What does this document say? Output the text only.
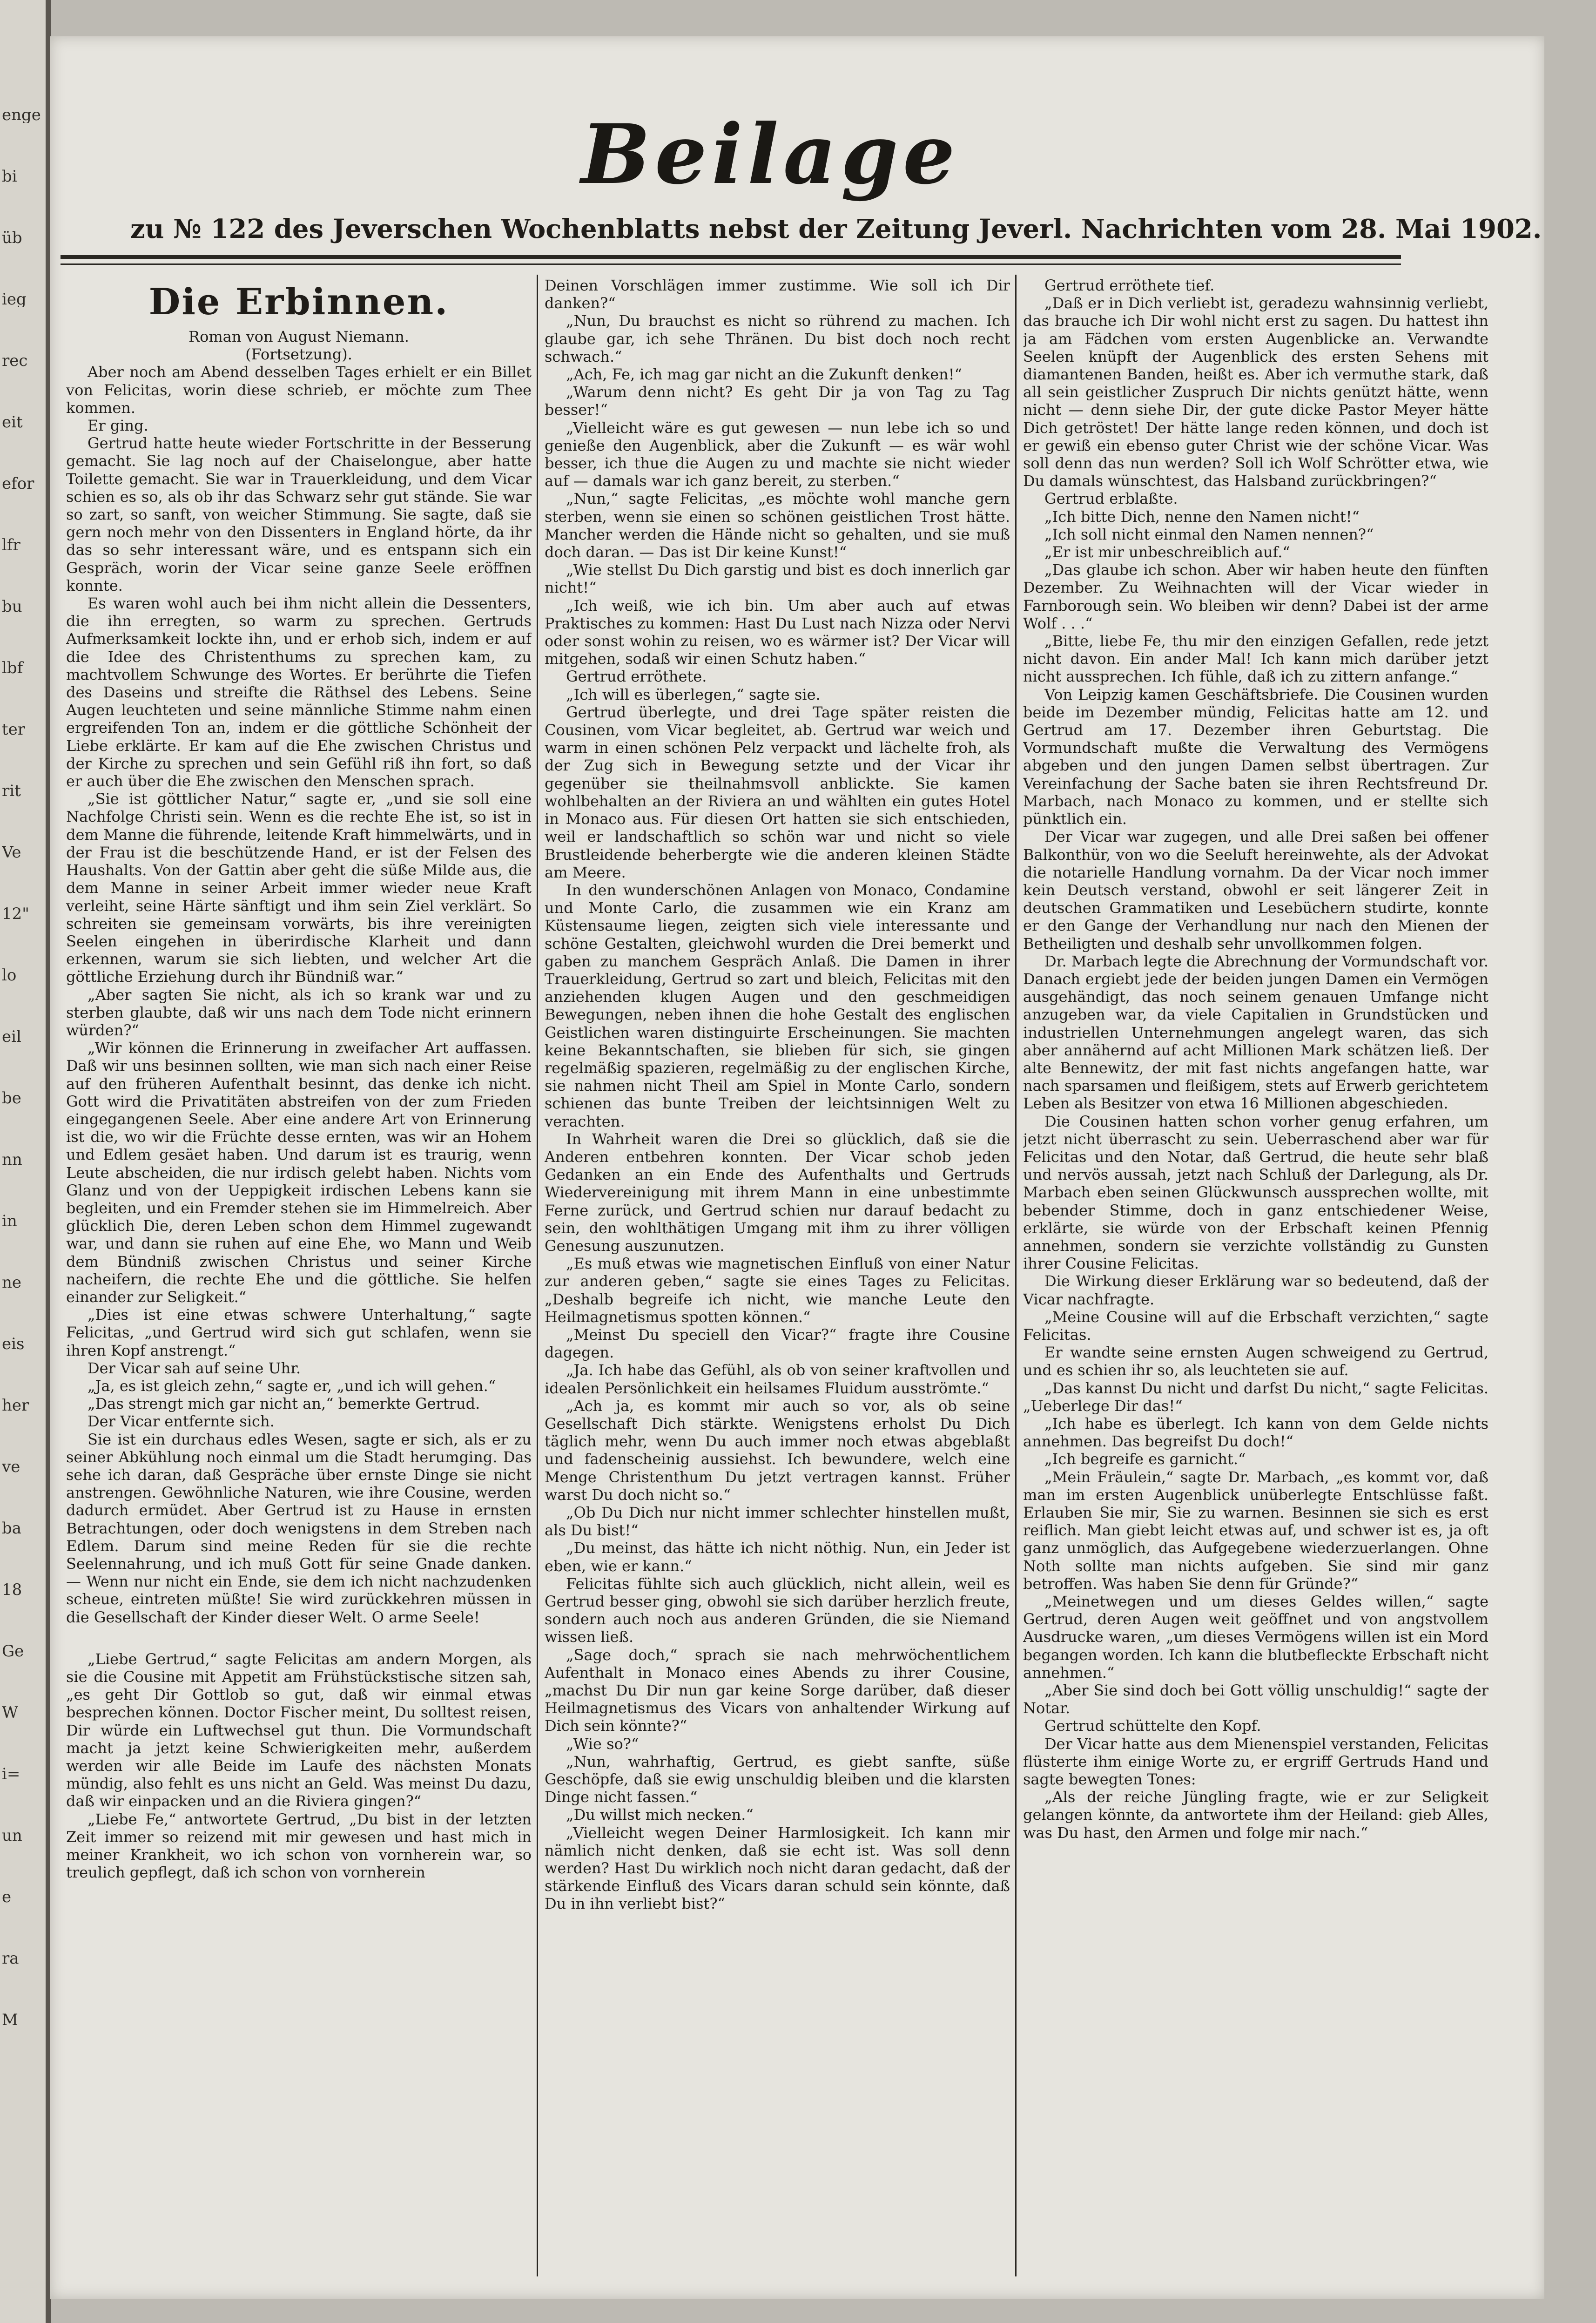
enge
bi
üb
ieg
rec
eit
efor
lfr
bu
lbf
ter
rit
Ve
12"
lo
eil
be
nn
in
ne
eis
her
ve
ba
18
Ge
W
i=
un
e
ra
M
Beilage
zu № 122 des Jeverschen Wochenblatts nebst der Zeitung Jeverl. Nachrichten vom 28. Mai 1902.
Die Erbinnen.

Roman von August Niemann.

(Fortsetzung).

Aber noch am Abend desselben Tages erhielt er ein Billet von Felicitas, worin diese schrieb, er möchte zum Thee kommen.

Er ging.

Gertrud hatte heute wieder Fortschritte in der Besserung gemacht. Sie lag noch auf der Chaiselongue, aber hatte Toilette gemacht. Sie war in Trauerkleidung, und dem Vicar schien es so, als ob ihr das Schwarz sehr gut stände. Sie war so zart, so sanft, von weicher Stimmung. Sie sagte, daß sie gern noch mehr von den Dissenters in England hörte, da ihr das so sehr interessant wäre, und es entspann sich ein Gespräch, worin der Vicar seine ganze Seele eröffnen konnte.

Es waren wohl auch bei ihm nicht allein die Dessenters, die ihn erregten, so warm zu sprechen. Gertruds Aufmerksamkeit lockte ihn, und er erhob sich, indem er auf die Idee des Christenthums zu sprechen kam, zu machtvollem Schwunge des Wortes. Er berührte die Tiefen des Daseins und streifte die Räthsel des Lebens. Seine Augen leuchteten und seine männliche Stimme nahm einen ergreifenden Ton an, indem er die göttliche Schönheit der Liebe erklärte. Er kam auf die Ehe zwischen Christus und der Kirche zu sprechen und sein Gefühl riß ihn fort, so daß er auch über die Ehe zwischen den Menschen sprach.

„Sie ist göttlicher Natur,“ sagte er, „und sie soll eine Nachfolge Christi sein. Wenn es die rechte Ehe ist, so ist in dem Manne die führende, leitende Kraft himmelwärts, und in der Frau ist die beschützende Hand, er ist der Felsen des Haushalts. Von der Gattin aber geht die süße Milde aus, die dem Manne in seiner Arbeit immer wieder neue Kraft verleiht, seine Härte sänftigt und ihm sein Ziel verklärt. So schreiten sie gemeinsam vorwärts, bis ihre vereinigten Seelen eingehen in überirdische Klarheit und dann erkennen, warum sie sich liebten, und welcher Art die göttliche Erziehung durch ihr Bündniß war.“

„Aber sagten Sie nicht, als ich so krank war und zu sterben glaubte, daß wir uns nach dem Tode nicht erinnern würden?“

„Wir können die Erinnerung in zweifacher Art auffassen. Daß wir uns besinnen sollten, wie man sich nach einer Reise auf den früheren Aufenthalt besinnt, das denke ich nicht. Gott wird die Privatitäten abstreifen von der zum Frieden eingegangenen Seele. Aber eine andere Art von Erinnerung ist die, wo wir die Früchte desse ernten, was wir an Hohem und Edlem gesäet haben. Und darum ist es traurig, wenn Leute abscheiden, die nur irdisch gelebt haben. Nichts vom Glanz und von der Ueppigkeit irdischen Lebens kann sie begleiten, und ein Fremder stehen sie im Himmelreich. Aber glücklich Die, deren Leben schon dem Himmel zugewandt war, und dann sie ruhen auf eine Ehe, wo Mann und Weib dem Bündniß zwischen Christus und seiner Kirche nacheifern, die rechte Ehe und die göttliche. Sie helfen einander zur Seligkeit.“

„Dies ist eine etwas schwere Unterhaltung,“ sagte Felicitas, „und Gertrud wird sich gut schlafen, wenn sie ihren Kopf anstrengt.“

Der Vicar sah auf seine Uhr.

„Ja, es ist gleich zehn,“ sagte er, „und ich will gehen.“

„Das strengt mich gar nicht an,“ bemerkte Gertrud.

Der Vicar entfernte sich.

Sie ist ein durchaus edles Wesen, sagte er sich, als er zu seiner Abkühlung noch einmal um die Stadt herumging. Das sehe ich daran, daß Gespräche über ernste Dinge sie nicht anstrengen. Gewöhnliche Naturen, wie ihre Cousine, werden dadurch ermüdet. Aber Gertrud ist zu Hause in ernsten Betrachtungen, oder doch wenigstens in dem Streben nach Edlem. Darum sind meine Reden für sie die rechte Seelennahrung, und ich muß Gott für seine Gnade danken. — Wenn nur nicht ein Ende, sie dem ich nicht nachzudenken scheue, eintreten müßte! Sie wird zurückkehren müssen in die Gesellschaft der Kinder dieser Welt. O arme Seele!

„Liebe Gertrud,“ sagte Felicitas am andern Morgen, als sie die Cousine mit Appetit am Frühstückstische sitzen sah, „es geht Dir Gottlob so gut, daß wir einmal etwas besprechen können. Doctor Fischer meint, Du solltest reisen, Dir würde ein Luftwechsel gut thun. Die Vormundschaft macht ja jetzt keine Schwierigkeiten mehr, außerdem werden wir alle Beide im Laufe des nächsten Monats mündig, also fehlt es uns nicht an Geld. Was meinst Du dazu, daß wir einpacken und an die Riviera gingen?“

„Liebe Fe,“ antwortete Gertrud, „Du bist in der letzten Zeit immer so reizend mit mir gewesen und hast mich in meiner Krankheit, wo ich schon von vornherein war, so treulich gepflegt, daß ich schon von vornherein

Deinen Vorschlägen immer zustimme. Wie soll ich Dir danken?“

„Nun, Du brauchst es nicht so rührend zu machen. Ich glaube gar, ich sehe Thränen. Du bist doch noch recht schwach.“

„Ach, Fe, ich mag gar nicht an die Zukunft denken!“

„Warum denn nicht? Es geht Dir ja von Tag zu Tag besser!“

„Vielleicht wäre es gut gewesen — nun lebe ich so und genieße den Augenblick, aber die Zukunft — es wär wohl besser, ich thue die Augen zu und machte sie nicht wieder auf — damals war ich ganz bereit, zu sterben.“

„Nun,“ sagte Felicitas, „es möchte wohl manche gern sterben, wenn sie einen so schönen geistlichen Trost hätte. Mancher werden die Hände nicht so gehalten, und sie muß doch daran. — Das ist Dir keine Kunst!“

„Wie stellst Du Dich garstig und bist es doch innerlich gar nicht!“

„Ich weiß, wie ich bin. Um aber auch auf etwas Praktisches zu kommen: Hast Du Lust nach Nizza oder Nervi oder sonst wohin zu reisen, wo es wärmer ist? Der Vicar will mitgehen, sodaß wir einen Schutz haben.“

Gertrud erröthete.

„Ich will es überlegen,“ sagte sie.

Gertrud überlegte, und drei Tage später reisten die Cousinen, vom Vicar begleitet, ab. Gertrud war weich und warm in einen schönen Pelz verpackt und lächelte froh, als der Zug sich in Bewegung setzte und der Vicar ihr gegenüber sie theilnahmsvoll anblickte. Sie kamen wohlbehalten an der Riviera an und wählten ein gutes Hotel in Monaco aus. Für diesen Ort hatten sie sich entschieden, weil er landschaftlich so schön war und nicht so viele Brustleidende beherbergte wie die anderen kleinen Städte am Meere.

In den wunderschönen Anlagen von Monaco, Condamine und Monte Carlo, die zusammen wie ein Kranz am Küstensaume liegen, zeigten sich viele interessante und schöne Gestalten, gleichwohl wurden die Drei bemerkt und gaben zu manchem Gespräch Anlaß. Die Damen in ihrer Trauerkleidung, Gertrud so zart und bleich, Felicitas mit den anziehenden klugen Augen und den geschmeidigen Bewegungen, neben ihnen die hohe Gestalt des englischen Geistlichen waren distinguirte Erscheinungen. Sie machten keine Bekanntschaften, sie blieben für sich, sie gingen regelmäßig spazieren, regelmäßig zu der englischen Kirche, sie nahmen nicht Theil am Spiel in Monte Carlo, sondern schienen das bunte Treiben der leichtsinnigen Welt zu verachten.

In Wahrheit waren die Drei so glücklich, daß sie die Anderen entbehren konnten. Der Vicar schob jeden Gedanken an ein Ende des Aufenthalts und Gertruds Wiedervereinigung mit ihrem Mann in eine unbestimmte Ferne zurück, und Gertrud schien nur darauf bedacht zu sein, den wohlthätigen Umgang mit ihm zu ihrer völligen Genesung auszunutzen.

„Es muß etwas wie magnetischen Einfluß von einer Natur zur anderen geben,“ sagte sie eines Tages zu Felicitas. „Deshalb begreife ich nicht, wie manche Leute den Heilmagnetismus spotten können.“

„Meinst Du speciell den Vicar?“ fragte ihre Cousine dagegen.

„Ja. Ich habe das Gefühl, als ob von seiner kraftvollen und idealen Persönlichkeit ein heilsames Fluidum ausströmte.“

„Ach ja, es kommt mir auch so vor, als ob seine Gesellschaft Dich stärkte. Wenigstens erholst Du Dich täglich mehr, wenn Du auch immer noch etwas abgeblaßt und fadenscheinig aussiehst. Ich bewundere, welch eine Menge Christenthum Du jetzt vertragen kannst. Früher warst Du doch nicht so.“

„Ob Du Dich nur nicht immer schlechter hinstellen mußt, als Du bist!“

„Du meinst, das hätte ich nicht nöthig. Nun, ein Jeder ist eben, wie er kann.“

Felicitas fühlte sich auch glücklich, nicht allein, weil es Gertrud besser ging, obwohl sie sich darüber herzlich freute, sondern auch noch aus anderen Gründen, die sie Niemand wissen ließ.

„Sage doch,“ sprach sie nach mehrwöchentlichem Aufenthalt in Monaco eines Abends zu ihrer Cousine, „machst Du Dir nun gar keine Sorge darüber, daß dieser Heilmagnetismus des Vicars von anhaltender Wirkung auf Dich sein könnte?“

„Wie so?“

„Nun, wahrhaftig, Gertrud, es giebt sanfte, süße Geschöpfe, daß sie ewig unschuldig bleiben und die klarsten Dinge nicht fassen.“

„Du willst mich necken.“

„Vielleicht wegen Deiner Harmlosigkeit. Ich kann mir nämlich nicht denken, daß sie echt ist. Was soll denn werden? Hast Du wirklich noch nicht daran gedacht, daß der stärkende Einfluß des Vicars daran schuld sein könnte, daß Du in ihn verliebt bist?“

Gertrud erröthete tief.

„Daß er in Dich verliebt ist, geradezu wahnsinnig verliebt, das brauche ich Dir wohl nicht erst zu sagen. Du hattest ihn ja am Fädchen vom ersten Augenblicke an. Verwandte Seelen knüpft der Augenblick des ersten Sehens mit diamantenen Banden, heißt es. Aber ich vermuthe stark, daß all sein geistlicher Zuspruch Dir nichts genützt hätte, wenn nicht — denn siehe Dir, der gute dicke Pastor Meyer hätte Dich getröstet! Der hätte lange reden können, und doch ist er gewiß ein ebenso guter Christ wie der schöne Vicar. Was soll denn das nun werden? Soll ich Wolf Schrötter etwa, wie Du damals wünschtest, das Halsband zurückbringen?“

Gertrud erblaßte.

„Ich bitte Dich, nenne den Namen nicht!“

„Ich soll nicht einmal den Namen nennen?“

„Er ist mir unbeschreiblich auf.“

„Das glaube ich schon. Aber wir haben heute den fünften Dezember. Zu Weihnachten will der Vicar wieder in Farnborough sein. Wo bleiben wir denn? Dabei ist der arme Wolf . . .“

„Bitte, liebe Fe, thu mir den einzigen Gefallen, rede jetzt nicht davon. Ein ander Mal! Ich kann mich darüber jetzt nicht aussprechen. Ich fühle, daß ich zu zittern anfange.“

Von Leipzig kamen Geschäftsbriefe. Die Cousinen wurden beide im Dezember mündig, Felicitas hatte am 12. und Gertrud am 17. Dezember ihren Geburtstag. Die Vormundschaft mußte die Verwaltung des Vermögens abgeben und den jungen Damen selbst übertragen. Zur Vereinfachung der Sache baten sie ihren Rechtsfreund Dr. Marbach, nach Monaco zu kommen, und er stellte sich pünktlich ein.

Der Vicar war zugegen, und alle Drei saßen bei offener Balkonthür, von wo die Seeluft hereinwehte, als der Advokat die notarielle Handlung vornahm. Da der Vicar noch immer kein Deutsch verstand, obwohl er seit längerer Zeit in deutschen Grammatiken und Lesebüchern studirte, konnte er den Gange der Verhandlung nur nach den Mienen der Betheiligten und deshalb sehr unvollkommen folgen.

Dr. Marbach legte die Abrechnung der Vormundschaft vor. Danach ergiebt jede der beiden jungen Damen ein Vermögen ausgehändigt, das noch seinem genauen Umfange nicht anzugeben war, da viele Capitalien in Grundstücken und industriellen Unternehmungen angelegt waren, das sich aber annähernd auf acht Millionen Mark schätzen ließ. Der alte Bennewitz, der mit fast nichts angefangen hatte, war nach sparsamen und fleißigem, stets auf Erwerb gerichtetem Leben als Besitzer von etwa 16 Millionen abgeschieden.

Die Cousinen hatten schon vorher genug erfahren, um jetzt nicht überrascht zu sein. Ueberraschend aber war für Felicitas und den Notar, daß Gertrud, die heute sehr blaß und nervös aussah, jetzt nach Schluß der Darlegung, als Dr. Marbach eben seinen Glückwunsch aussprechen wollte, mit bebender Stimme, doch in ganz entschiedener Weise, erklärte, sie würde von der Erbschaft keinen Pfennig annehmen, sondern sie verzichte vollständig zu Gunsten ihrer Cousine Felicitas.

Die Wirkung dieser Erklärung war so bedeutend, daß der Vicar nachfragte.

„Meine Cousine will auf die Erbschaft verzichten,“ sagte Felicitas.

Er wandte seine ernsten Augen schweigend zu Gertrud, und es schien ihr so, als leuchteten sie auf.

„Das kannst Du nicht und darfst Du nicht,“ sagte Felicitas. „Ueberlege Dir das!“

„Ich habe es überlegt. Ich kann von dem Gelde nichts annehmen. Das begreifst Du doch!“

„Ich begreife es garnicht.“

„Mein Fräulein,“ sagte Dr. Marbach, „es kommt vor, daß man im ersten Augenblick unüberlegte Entschlüsse faßt. Erlauben Sie mir, Sie zu warnen. Besinnen sie sich es erst reiflich. Man giebt leicht etwas auf, und schwer ist es, ja oft ganz unmöglich, das Aufgegebene wiederzuerlangen. Ohne Noth sollte man nichts aufgeben. Sie sind mir ganz betroffen. Was haben Sie denn für Gründe?“

„Meinetwegen und um dieses Geldes willen,“ sagte Gertrud, deren Augen weit geöffnet und von angstvollem Ausdrucke waren, „um dieses Vermögens willen ist ein Mord begangen worden. Ich kann die blutbefleckte Erbschaft nicht annehmen.“

„Aber Sie sind doch bei Gott völlig unschuldig!“ sagte der Notar.

Gertrud schüttelte den Kopf.

Der Vicar hatte aus dem Mienenspiel verstanden, Felicitas flüsterte ihm einige Worte zu, er ergriff Gertruds Hand und sagte bewegten Tones:

„Als der reiche Jüngling fragte, wie er zur Seligkeit gelangen könnte, da antwortete ihm der Heiland: gieb Alles, was Du hast, den Armen und folge mir nach.“
